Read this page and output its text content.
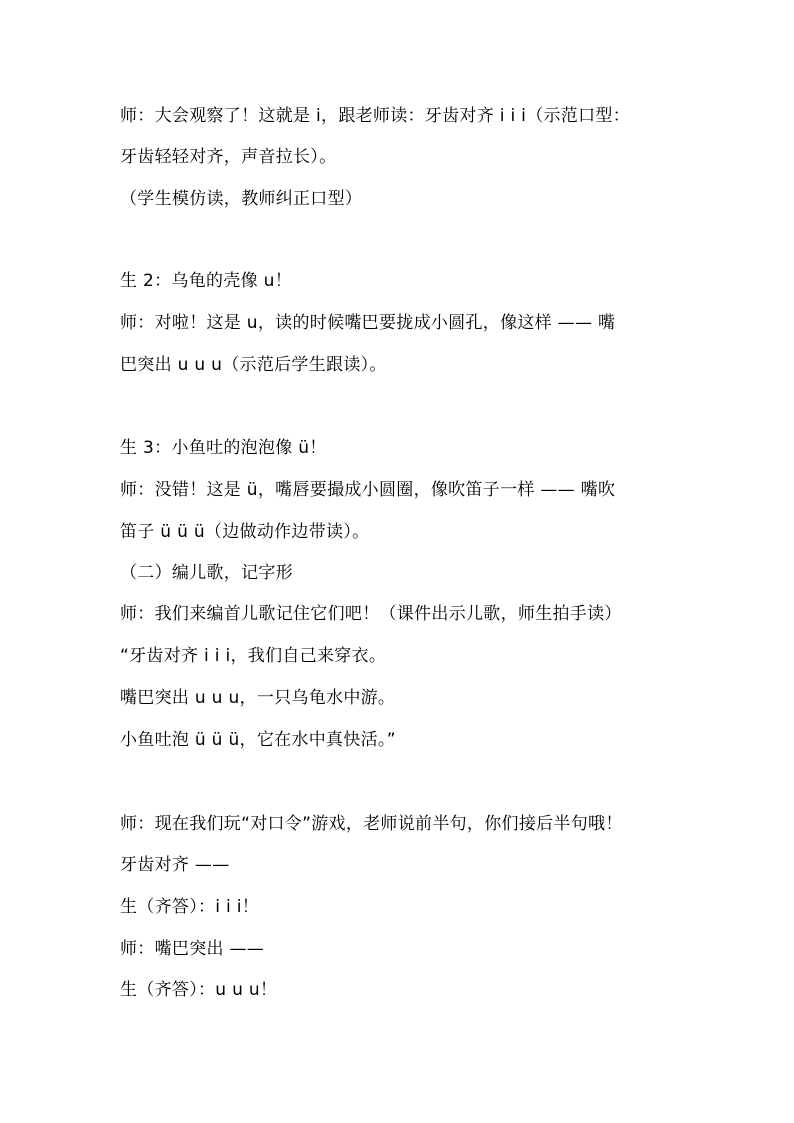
师：大会观察了！这就是 i，跟老师读：牙齿对齐 i i i（示范口型：
牙齿轻轻对齐，声音拉长）。
（学生模仿读，教师纠正口型）
生 2：乌龟的壳像 u！
师：对啦！这是 u，读的时候嘴巴要拢成小圆孔，像这样 —— 嘴
巴突出 u u u（示范后学生跟读）。
生 3：小鱼吐的泡泡像 ü！
师：没错！这是 ü，嘴唇要撮成小圆圈，像吹笛子一样 —— 嘴吹
笛子 ü ü ü（边做动作边带读）。
（二）编儿歌，记字形
师：我们来编首儿歌记住它们吧！（课件出示儿歌，师生拍手读）
“牙齿对齐 i i i，我们自己来穿衣。
嘴巴突出 u u u，一只乌龟水中游。
小鱼吐泡 ü ü ü，它在水中真快活。”
师：现在我们玩“对口令”游戏，老师说前半句，你们接后半句哦！
牙齿对齐 ——
生（齐答）：i i i！
师：嘴巴突出 ——
生（齐答）：u u u！
